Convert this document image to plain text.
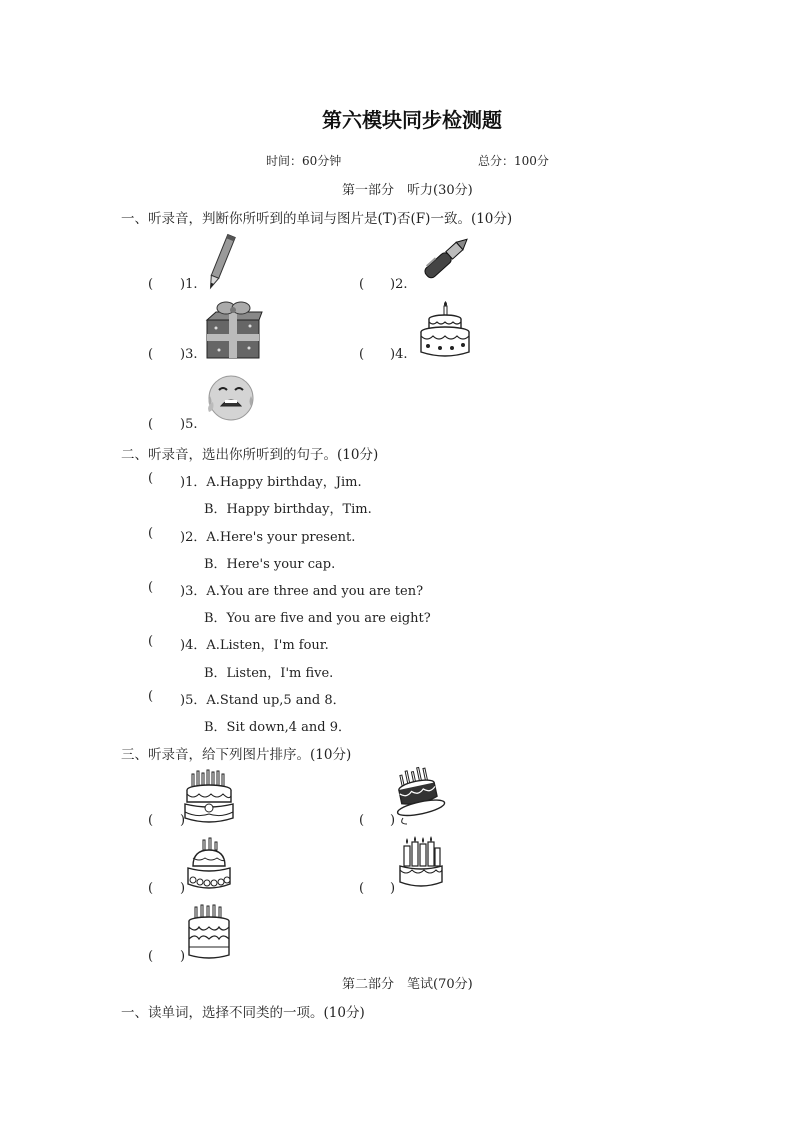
第六模块同步检测题
时间：60分钟	总分：100分
第一部分　听力(30分)
一、听录音，判断你所听到的单词与图片是(T)否(F)一致。(10分)
( )1.	( )2.
( )3.	( )4.
( )5.
二、听录音，选出你所听到的句子。(10分)
( )1．A.Happy birthday，Jim.
B．Happy birthday，Tim.
( )2．A.Here's your present.
B．Here's your cap.
( )3．A.You are three and you are ten?
B．You are five and you are eight?
( )4．A.Listen，I'm four.
B．Listen，I'm five.
( )5．A.Stand up,5 and 8．
B．Sit down,4 and 9．
三、听录音，给下列图片排序。(10分)
( )	( )
( )	( )
( )
第二部分　笔试(70分)
一、读单词，选择不同类的一项。(10分)
